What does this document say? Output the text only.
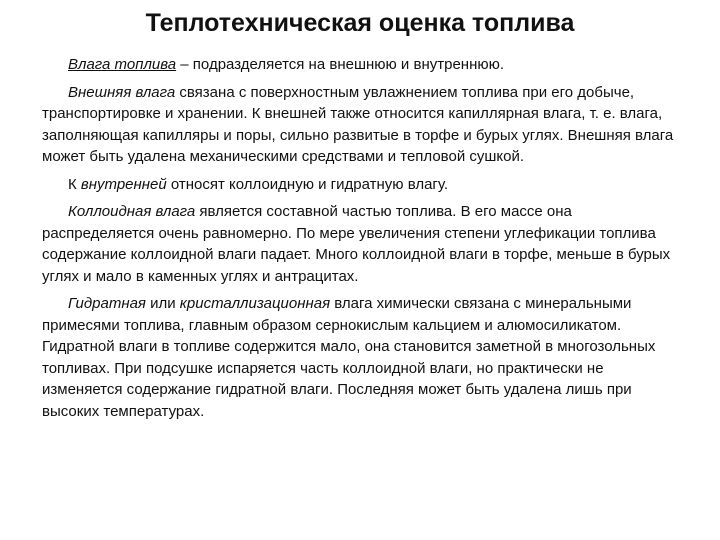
Теплотехническая оценка топлива

Влага топлива – подразделяется на внешнюю и внутреннюю.

Внешняя влага связана с поверхностным увлажнением топлива при его добыче, транспортировке и хранении. К внешней также относится капиллярная влага, т. е. влага, заполняющая капилляры и поры, сильно развитые в торфе и бурых углях. Внешняя влага может быть удалена механическими средствами и тепловой сушкой.

К внутренней относят коллоидную и гидратную влагу.

Коллоидная влага является составной частью топлива. В его массе она распределяется очень равномерно. По мере увеличения степени углефикации топлива содержание коллоидной влаги падает. Много коллоидной влаги в торфе, меньше в бурых углях и мало в каменных углях и антрацитах.

Гидратная или кристаллизационная влага химически связана с минеральными примесями топлива, главным образом сернокислым кальцием и алюмосиликатом. Гидратной влаги в топливе содержится мало, она становится заметной в многозольных топливах. При подсушке испаряется часть коллоидной влаги, но практически не изменяется содержание гидратной влаги. Последняя может быть удалена лишь при высоких температурах.
